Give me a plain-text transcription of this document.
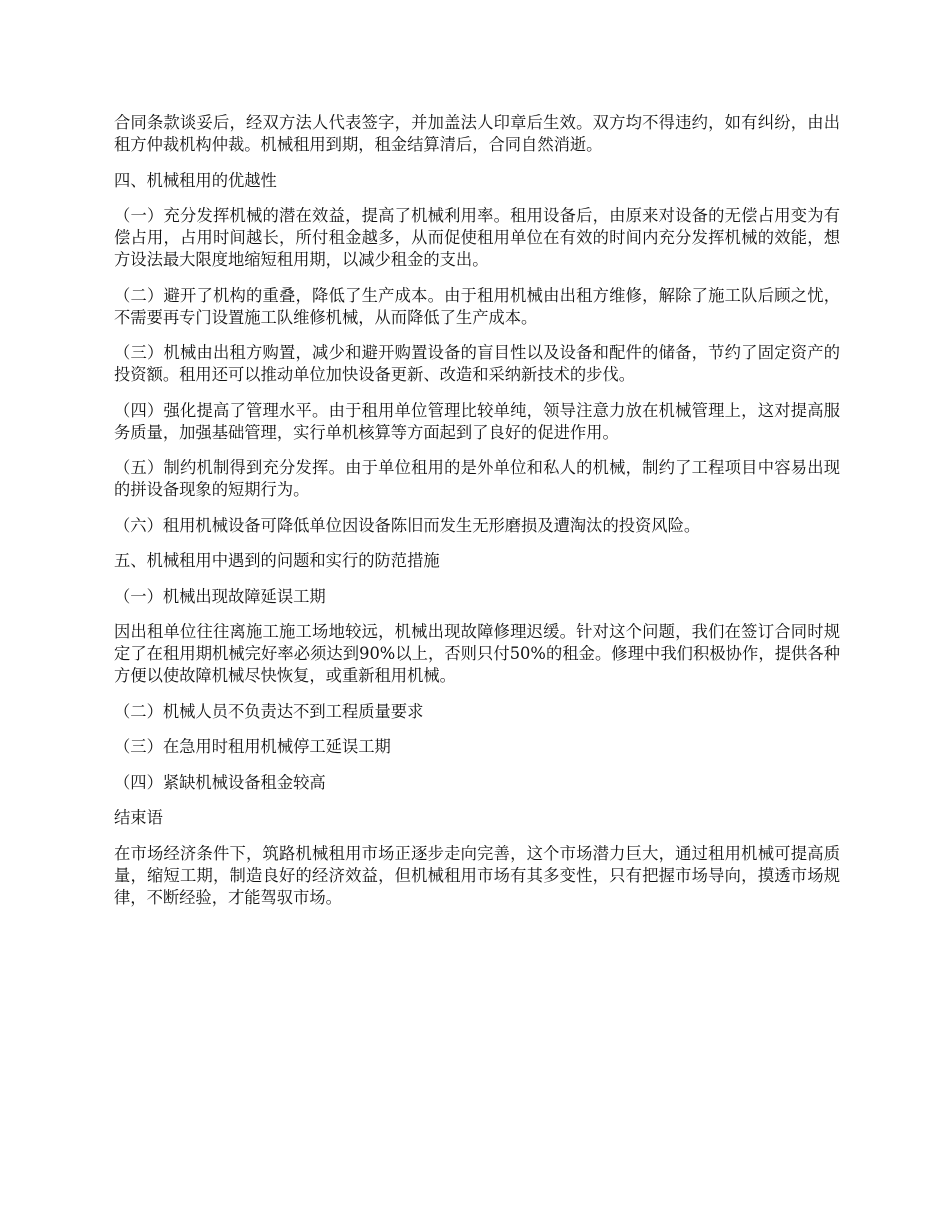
合同条款谈妥后，经双方法人代表签字，并加盖法人印章后生效。双方均不得违约，如有纠纷，由出租方仲裁机构仲裁。机械租用到期，租金结算清后，合同自然消逝。

四、机械租用的优越性

（一）充分发挥机械的潜在效益，提高了机械利用率。租用设备后，由原来对设备的无偿占用变为有偿占用，占用时间越长，所付租金越多，从而促使租用单位在有效的时间内充分发挥机械的效能，想方设法最大限度地缩短租用期，以减少租金的支出。

（二）避开了机构的重叠，降低了生产成本。由于租用机械由出租方维修，解除了施工队后顾之忧，不需要再专门设置施工队维修机械，从而降低了生产成本。

（三）机械由出租方购置，减少和避开购置设备的盲目性以及设备和配件的储备，节约了固定资产的投资额。租用还可以推动单位加快设备更新、改造和采纳新技术的步伐。

（四）强化提高了管理水平。由于租用单位管理比较单纯，领导注意力放在机械管理上，这对提高服务质量，加强基础管理，实行单机核算等方面起到了良好的促进作用。

（五）制约机制得到充分发挥。由于单位租用的是外单位和私人的机械，制约了工程项目中容易出现的拼设备现象的短期行为。

（六）租用机械设备可降低单位因设备陈旧而发生无形磨损及遭淘汰的投资风险。

五、机械租用中遇到的问题和实行的防范措施

（一）机械出现故障延误工期

因出租单位往往离施工施工场地较远，机械出现故障修理迟缓。针对这个问题，我们在签订合同时规定了在租用期机械完好率必须达到90%以上，否则只付50%的租金。修理中我们积极协作，提供各种方便以使故障机械尽快恢复，或重新租用机械。

（二）机械人员不负责达不到工程质量要求

（三）在急用时租用机械停工延误工期

（四）紧缺机械设备租金较高

结束语

在市场经济条件下，筑路机械租用市场正逐步走向完善，这个市场潜力巨大，通过租用机械可提高质量，缩短工期，制造良好的经济效益，但机械租用市场有其多变性，只有把握市场导向，摸透市场规律，不断经验，才能驾驭市场。
